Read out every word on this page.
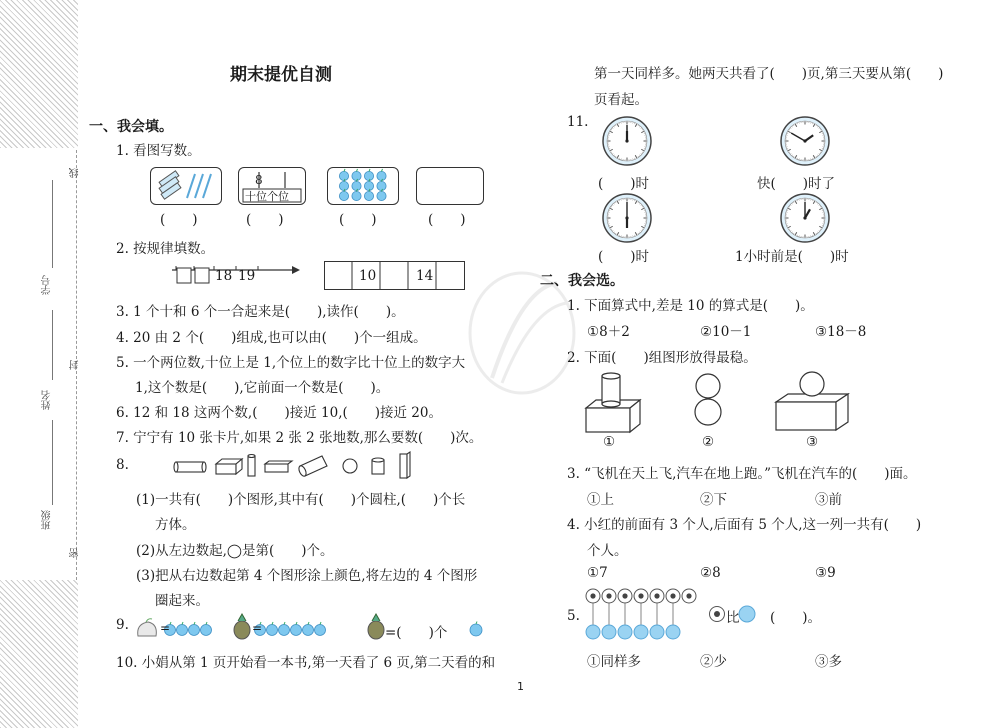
线
封
密
学号
姓名
班级
期末提优自测
一、我会填。
1. 看图写数。
8
十位个位
(　　)	(　　)	(　　)	(　　)
2. 按规律填数。
18 19	10	14
3. 1 个十和 6 个一合起来是(　　),读作(　　)。
4. 20 由 2 个(　　)组成,也可以由(　　)个一组成。
5. 一个两位数,十位上是 1,个位上的数字比十位上的数字大
1,这个数是(　　),它前面一个数是(　　)。
6. 12 和 18 这两个数,(　　)接近 10,(　　)接近 20。
7. 宁宁有 10 张卡片,如果 2 张 2 张地数,那么要数(　　)次。
8.
(1)一共有(　　)个图形,其中有(　　)个圆柱,(　　)个长
方体。
(2)从左边数起,◯是第(　　)个。
(3)把从右边数起第 4 个图形涂上颜色,将左边的 4 个图形
圈起来。
9.	=	=	=(　　)个
10. 小娟从第 1 页开始看一本书,第一天看了 6 页,第二天看的和
第一天同样多。她两天共看了(　　)页,第三天要从第(　　)
页看起。
11.
(　　)时	快(　　)时了
(　　)时	1小时前是(　　)时
二、我会选。
1. 下面算式中,差是 10 的算式是(　　)。
①8＋2	②10－1	③18－8
2. 下面(　　)组图形放得最稳。
①	②	③
3. “飞机在天上飞,汽车在地上跑。”飞机在汽车的(　　)面。
①上	②下	③前
4. 小红的前面有 3 个人,后面有 5 个人,这一列一共有(　　)
个人。
①7	②8	③9
5.	比 (　　)。
①同样多	②少	③多
1
